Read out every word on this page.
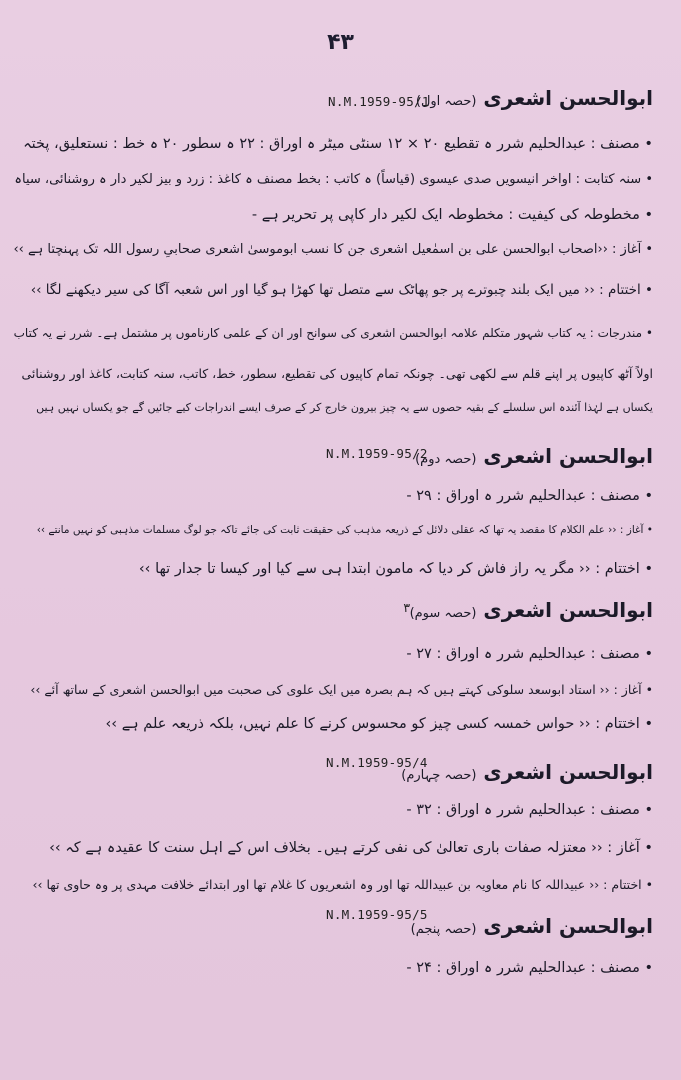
۴۳
ابوالحسن اشعری (حصہ اول)
N.M.1959-95/1
• مصنف : عبدالحلیم شرر ہ تقطیع ۲۰ × ۱۲ سنٹی میٹر ہ اوراق : ۲۲ ہ سطور ۲۰ ہ خط : نستعلیق، پختہ
• سنہ کتابت : اواخر انیسویں صدی عیسوی (قیاساً) ہ کاتب : بخط مصنف ہ کاغذ : زرد و بیز لکیر دار ہ روشنائی، سیاہ
• مخطوطہ کی کیفیت : مخطوطہ ایک لکیر دار کاپی پر تحریر ہے -
• آغاز : ‹‹اصحاب ابوالحسن علی بن اسمٰعیل اشعری جن کا نسب ابوموسیٰ اشعری صحابیِ رسول اللہ تک پہنچتا ہے ››
• اختتام : ‹‹ میں ایک بلند چبوترے پر جو پھاٹک سے متصل تھا کھڑا ہو گیا اور اس شعبہ آگا کی سیر دیکھنے لگا ››
• مندرجات : یہ کتاب شہور متکلم علامہ ابوالحسن اشعری کی سوانح اور ان کے علمی کارناموں پر مشتمل ہے۔ شرر نے یہ کتاب
اولاً آٹھ کاپیوں پر اپنے قلم سے لکھی تھی۔ چونکہ تمام کاپیوں کی تقطیع، سطور، خط، کاتب، سنہ کتابت، کاغذ اور روشنائی
یکساں ہے لہٰذا آئندہ اس سلسلے کے بقیہ حصوں سے یہ چیز بیرون خارج کر کے صرف ایسے اندراجات کیے جائیں گے جو یکساں نہیں ہیں
ابوالحسن اشعری (حصہ دوم)
N.M.1959-95/2
• مصنف : عبدالحلیم شرر ہ اوراق : ۲۹ -
• آغاز : ‹‹ علم الکلام کا مقصد یہ تھا کہ عقلی دلائل کے ذریعہ مذہب کی حقیقت ثابت کی جائے تاکہ جو لوگ مسلمات مذہبی کو نہیں مانتے ››
• اختتام : ‹‹ مگر یہ راز فاش کر دیا کہ مامون ابتدا ہی سے کیا اور کیسا تا جدار تھا ››
ابوالحسن اشعری (حصہ سوم)
۳
• مصنف : عبدالحلیم شرر ہ اوراق : ۲۷ -
• آغاز : ‹‹ استاد ابوسعد سلوکی کہتے ہیں کہ ہم بصرہ میں ایک علوی کی صحبت میں ابوالحسن اشعری کے ساتھ آئے ››
• اختتام : ‹‹ حواس خمسہ کسی چیز کو محسوس کرنے کا علم نہیں، بلکہ ذریعہ علم ہے ››
ابوالحسن اشعری (حصہ چہارم)
N.M.1959-95/4
• مصنف : عبدالحلیم شرر ہ اوراق : ۳۲ -
• آغاز : ‹‹ معتزلہ صفات باری تعالیٰ کی نفی کرتے ہیں۔ بخلاف اس کے اہل سنت کا عقیدہ ہے کہ ››
• اختتام : ‹‹ عبیداللہ کا نام معاویہ بن عبیداللہ تھا اور وہ اشعریوں کا غلام تھا اور ابتدائے خلافت مہدی پر وہ حاوی تھا ››
ابوالحسن اشعری (حصہ پنجم)
N.M.1959-95/5
• مصنف : عبدالحلیم شرر ہ اوراق : ۲۴ -
